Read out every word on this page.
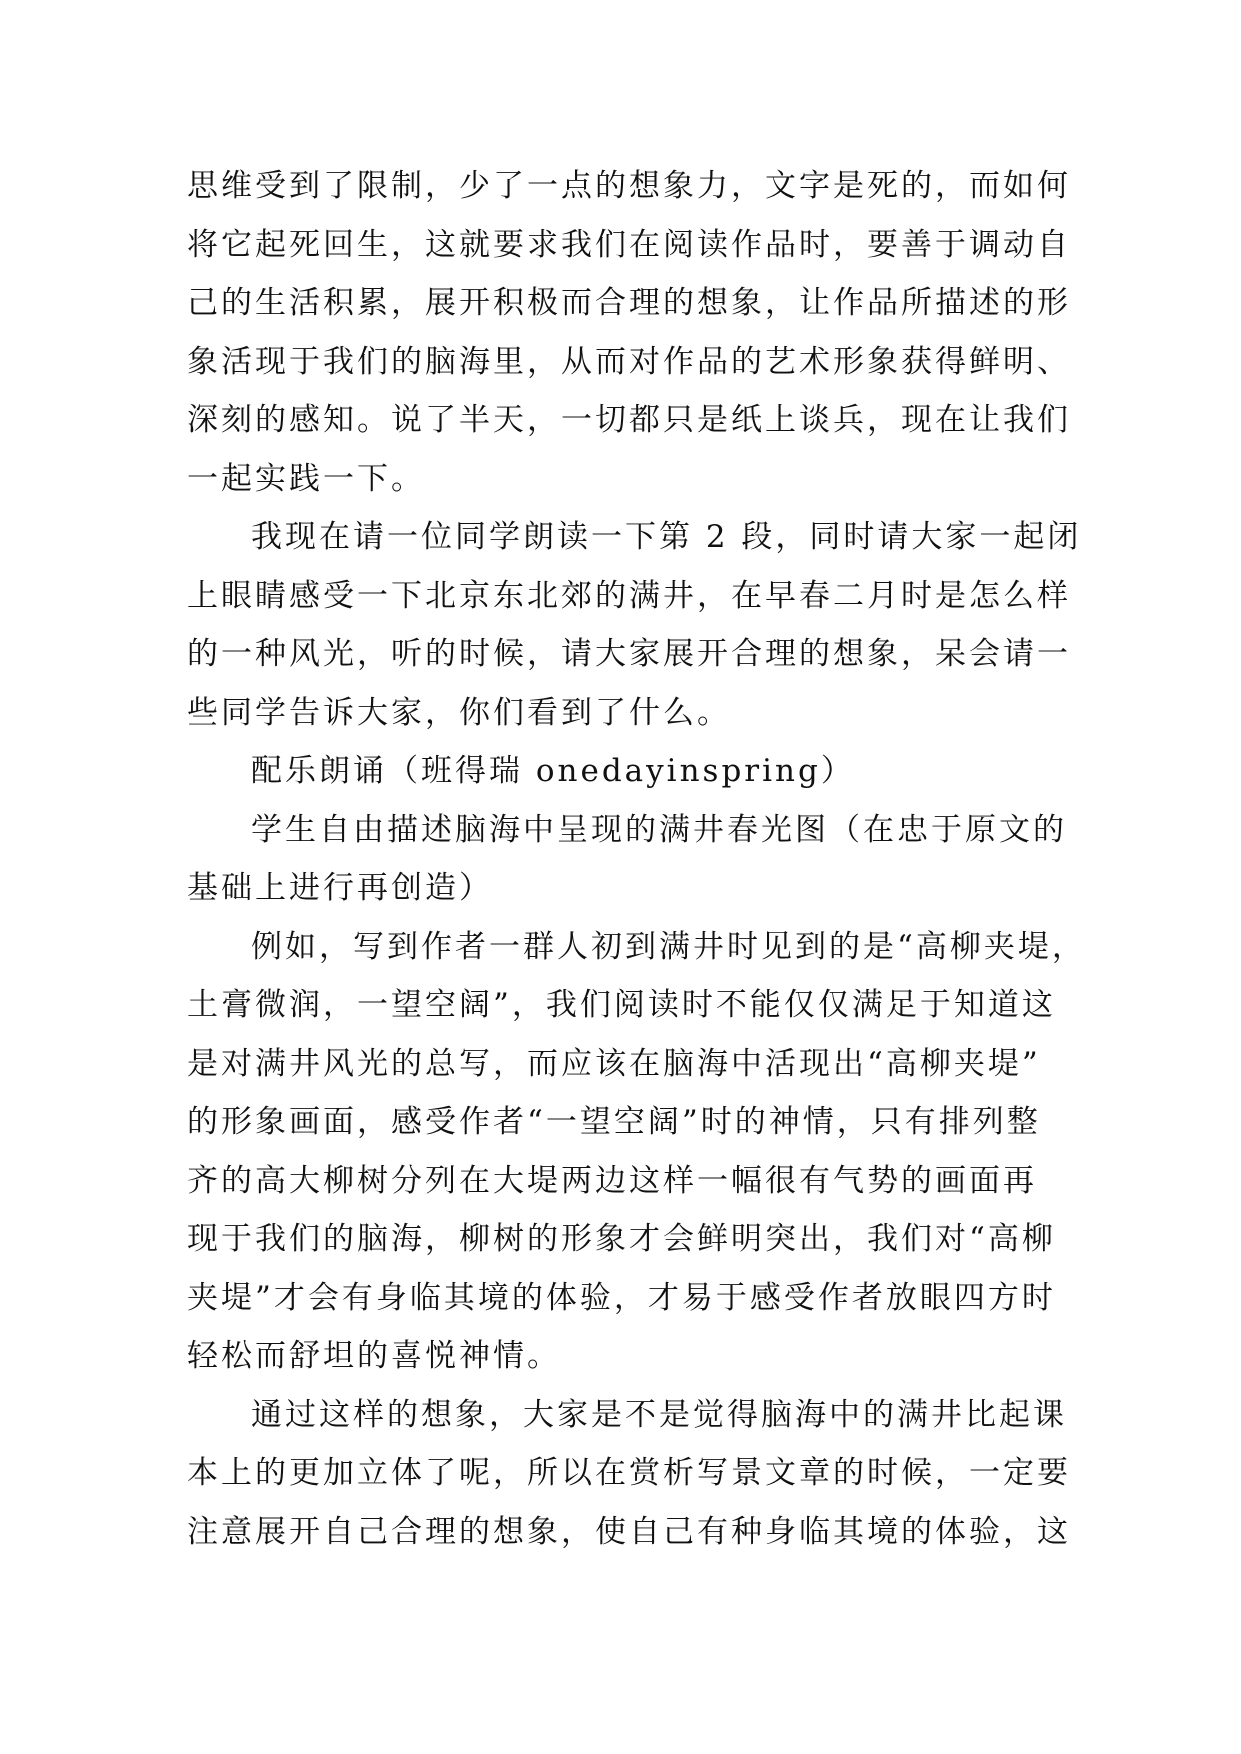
思维受到了限制，少了一点的想象力，文字是死的，而如何
将它起死回生，这就要求我们在阅读作品时，要善于调动自
己的生活积累，展开积极而合理的想象，让作品所描述的形
象活现于我们的脑海里，从而对作品的艺术形象获得鲜明、
深刻的感知。说了半天，一切都只是纸上谈兵，现在让我们
一起实践一下。
我现在请一位同学朗读一下第 2 段，同时请大家一起闭
上眼睛感受一下北京东北郊的满井，在早春二月时是怎么样
的一种风光，听的时候，请大家展开合理的想象，呆会请一
些同学告诉大家，你们看到了什么。
配乐朗诵（班得瑞 onedayinspring）
学生自由描述脑海中呈现的满井春光图（在忠于原文的
基础上进行再创造）
例如，写到作者一群人初到满井时见到的是“高柳夹堤，
土膏微润，一望空阔”，我们阅读时不能仅仅满足于知道这
是对满井风光的总写，而应该在脑海中活现出“高柳夹堤”
的形象画面，感受作者“一望空阔”时的神情，只有排列整
齐的高大柳树分列在大堤两边这样一幅很有气势的画面再
现于我们的脑海，柳树的形象才会鲜明突出，我们对“高柳
夹堤”才会有身临其境的体验，才易于感受作者放眼四方时
轻松而舒坦的喜悦神情。
通过这样的想象，大家是不是觉得脑海中的满井比起课
本上的更加立体了呢，所以在赏析写景文章的时候，一定要
注意展开自己合理的想象，使自己有种身临其境的体验，这
